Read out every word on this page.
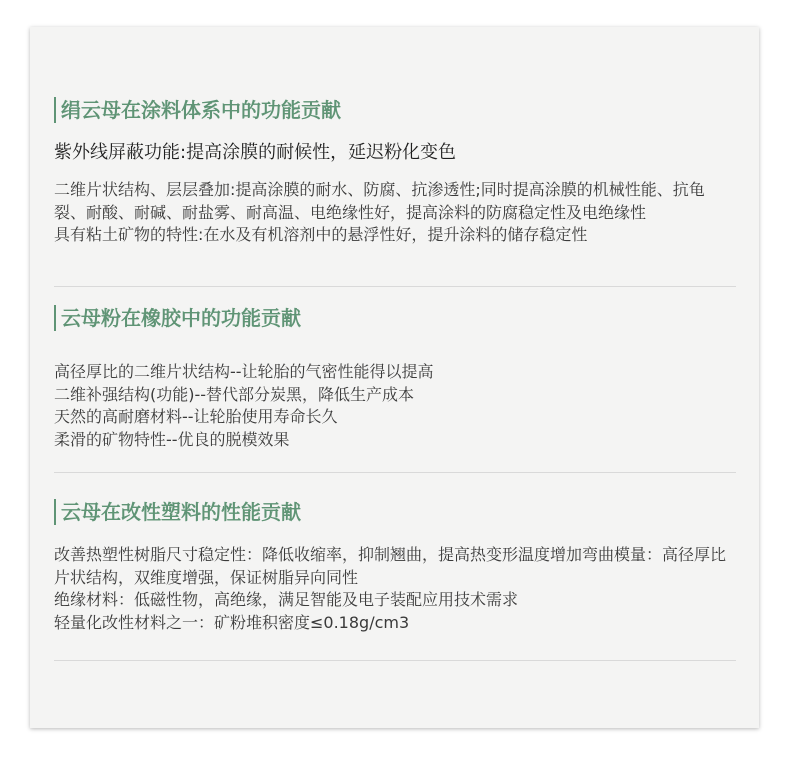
绢云母在涂料体系中的功能贡献
紫外线屏蔽功能:提高涂膜的耐候性，延迟粉化变色

二维片状结构、层层叠加:提高涂膜的耐水、防腐、抗渗透性;同时提高涂膜的机械性能、抗龟裂、耐酸、耐碱、耐盐雾、耐高温、电绝缘性好，提高涂料的防腐稳定性及电绝缘性

具有粘土矿物的特性:在水及有机溶剂中的悬浮性好，提升涂料的储存稳定性

云母粉在橡胶中的功能贡献

高径厚比的二维片状结构--让轮胎的气密性能得以提高

二维补强结构(功能)--替代部分炭黑，降低生产成本

天然的高耐磨材料--让轮胎使用寿命长久

柔滑的矿物特性--优良的脱模效果

云母在改性塑料的性能贡献

改善热塑性树脂尺寸稳定性：降低收缩率，抑制翘曲，提高热变形温度增加弯曲模量：高径厚比片状结构，双维度增强，保证树脂异向同性

绝缘材料：低磁性物，高绝缘，满足智能及电子装配应用技术需求

轻量化改性材料之一：矿粉堆积密度≤0.18g/cm3
